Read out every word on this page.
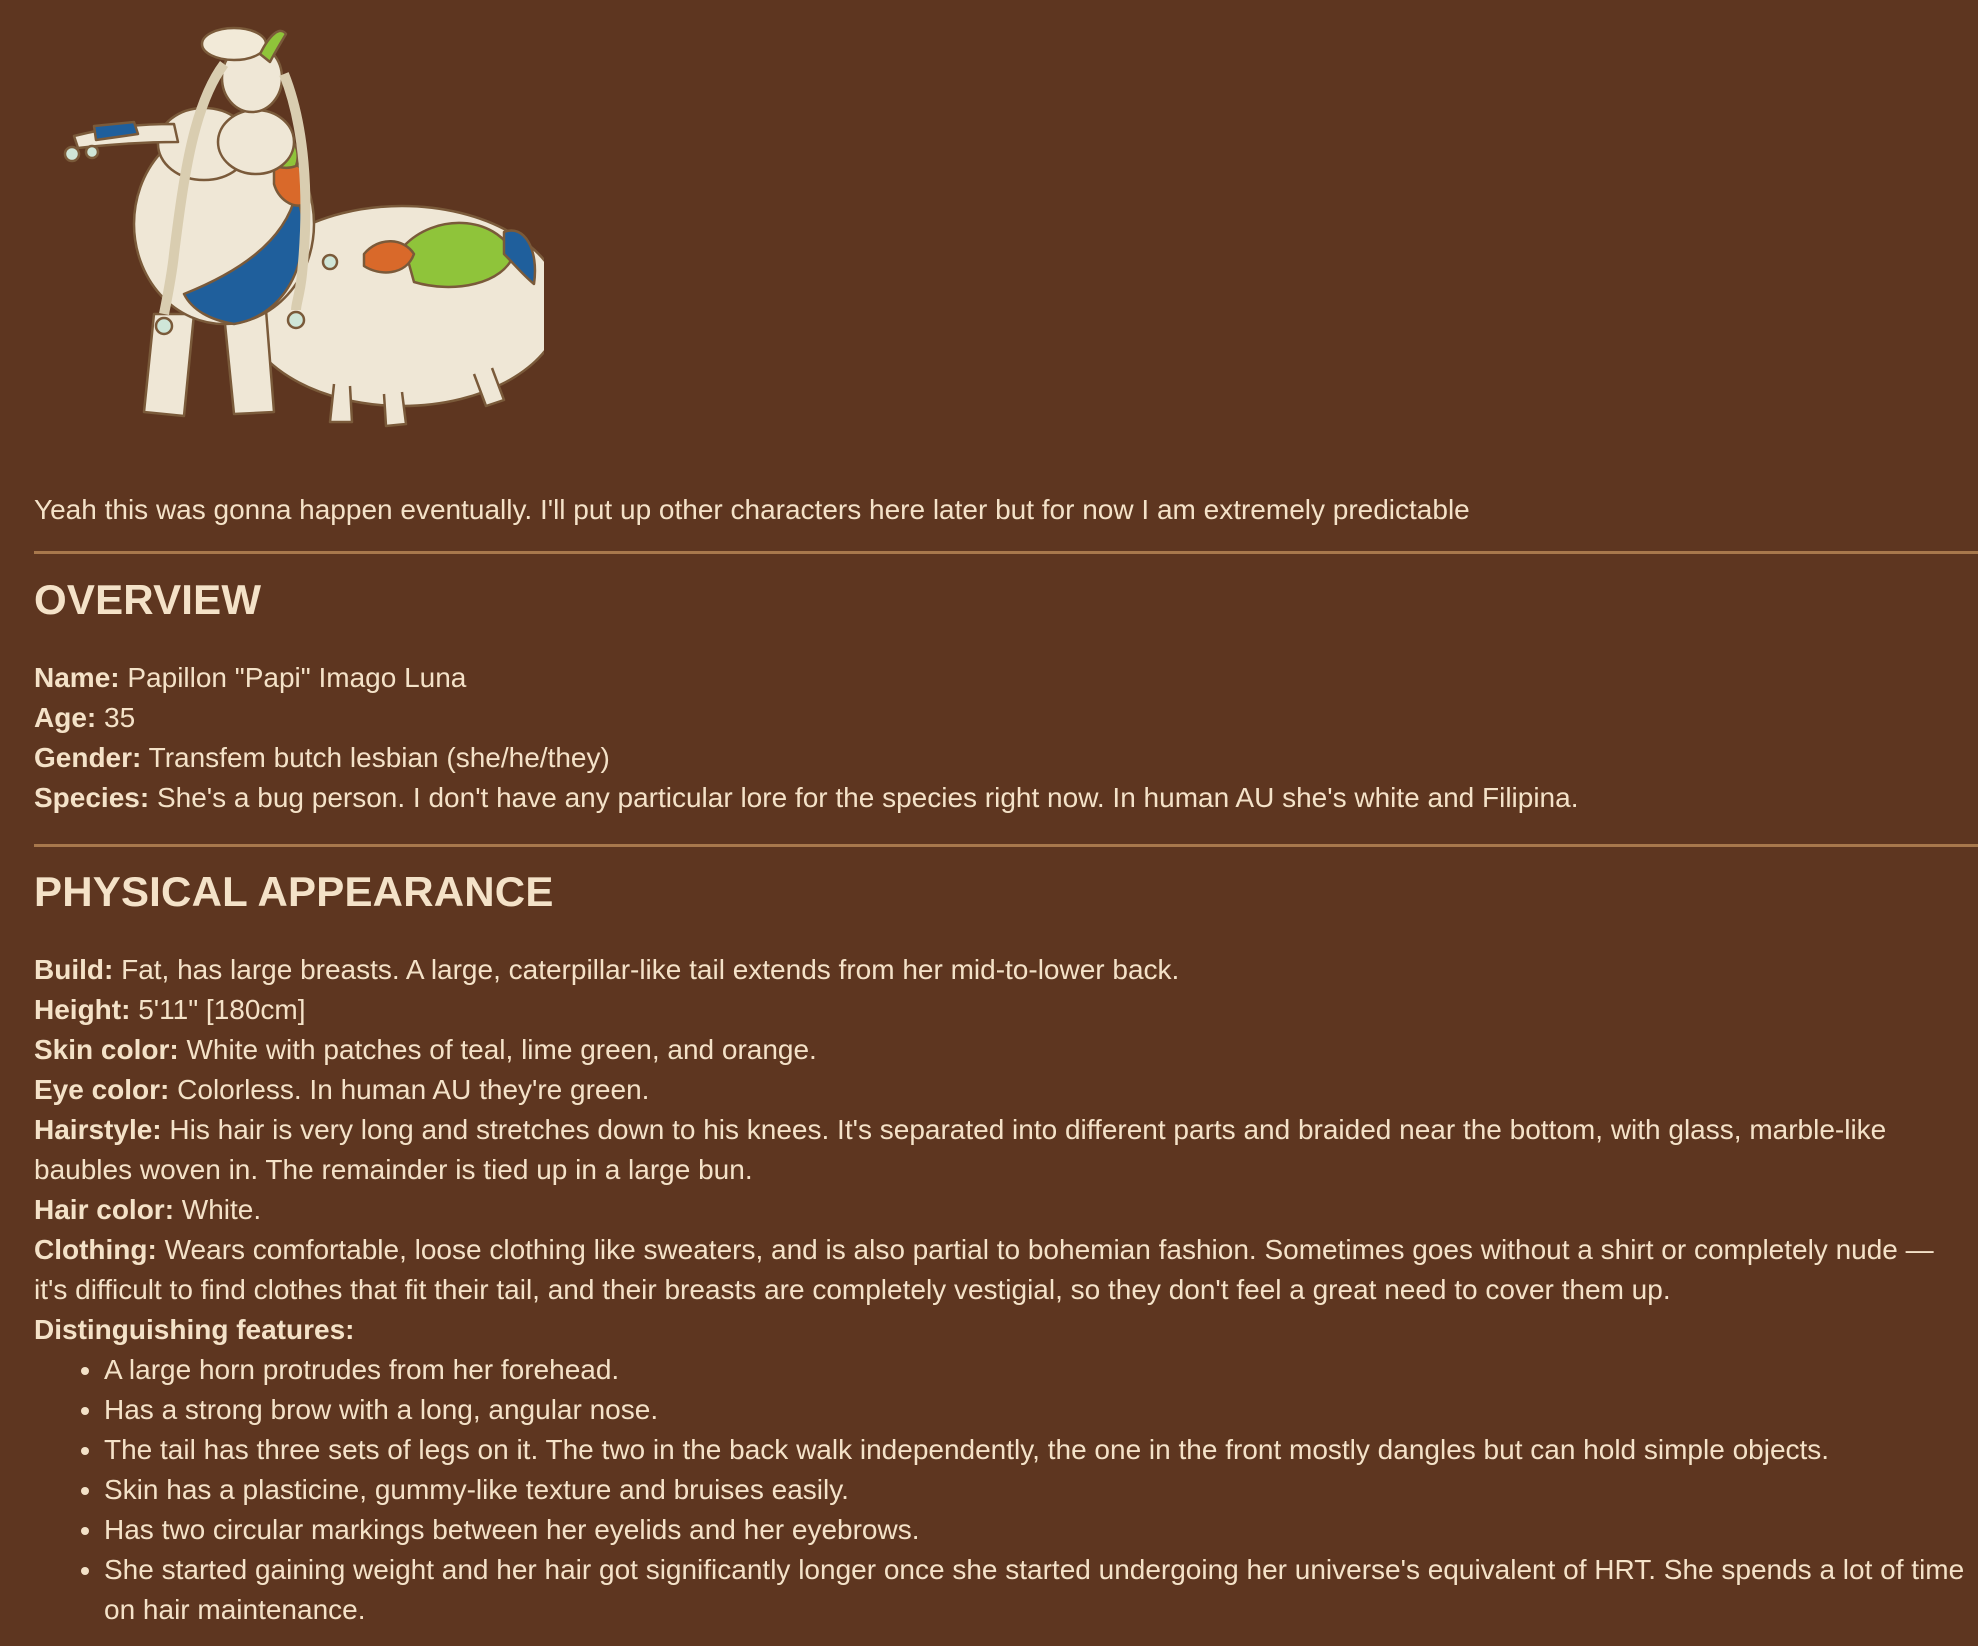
Yeah this was gonna happen eventually. I'll put up other characters here later but for now I am extremely predictable

OVERVIEW

Name: Papillon "Papi" Imago Luna

Age: 35

Gender: Transfem butch lesbian (she/he/they)

Species: She's a bug person. I don't have any particular lore for the species right now. In human AU she's white and Filipina.

PHYSICAL APPEARANCE

Build: Fat, has large breasts. A large, caterpillar-like tail extends from her mid-to-lower back.

Height: 5'11" [180cm]

Skin color: White with patches of teal, lime green, and orange.

Eye color: Colorless. In human AU they're green.

Hairstyle: His hair is very long and stretches down to his knees. It's separated into different parts and braided near the bottom, with glass, marble-like baubles woven in. The remainder is tied up in a large bun.

Hair color: White.

Clothing: Wears comfortable, loose clothing like sweaters, and is also partial to bohemian fashion. Sometimes goes without a shirt or completely nude — it's difficult to find clothes that fit their tail, and their breasts are completely vestigial, so they don't feel a great need to cover them up.

Distinguishing features:

• A large horn protrudes from her forehead.
• Has a strong brow with a long, angular nose.
• The tail has three sets of legs on it. The two in the back walk independently, the one in the front mostly dangles but can hold simple objects.
• Skin has a plasticine, gummy-like texture and bruises easily.
• Has two circular markings between her eyelids and her eyebrows.
• She started gaining weight and her hair got significantly longer once she started undergoing her universe's equivalent of HRT. She spends a lot of time on hair maintenance.
